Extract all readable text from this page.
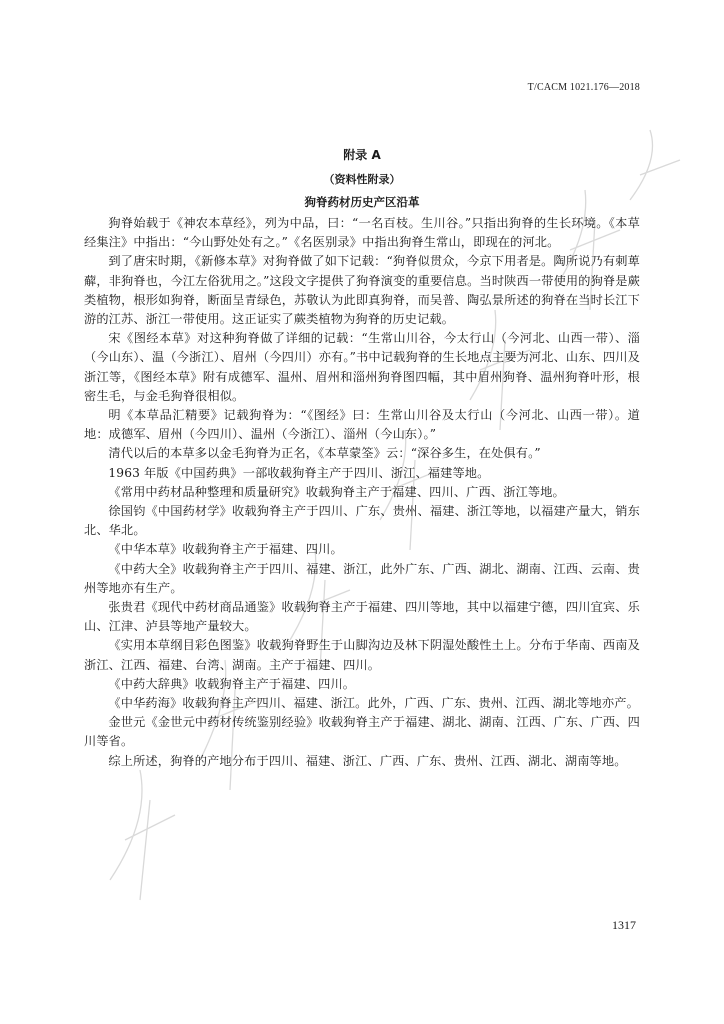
T/CACM 1021.176—2018
附录 A
（资料性附录）
狗脊药材历史产区沿革

狗脊始载于《神农本草经》，列为中品，曰：“一名百枝。生川谷。”只指出狗脊的生长环境。《本草经集注》中指出：“今山野处处有之。”《名医别录》中指出狗脊生常山，即现在的河北。

到了唐宋时期，《新修本草》对狗脊做了如下记载：“狗脊似贯众，今京下用者是。陶所说乃有刺萆薢，非狗脊也，今江左俗犹用之。”这段文字提供了狗脊演变的重要信息。当时陕西一带使用的狗脊是蕨类植物，根形如狗脊，断面呈青绿色，苏敬认为此即真狗脊，而吴普、陶弘景所述的狗脊在当时长江下游的江苏、浙江一带使用。这正证实了蕨类植物为狗脊的历史记载。

宋《图经本草》对这种狗脊做了详细的记载：“生常山川谷，今太行山（今河北、山西一带）、淄（今山东）、温（今浙江）、眉州（今四川）亦有。”书中记载狗脊的生长地点主要为河北、山东、四川及浙江等，《图经本草》附有成德军、温州、眉州和淄州狗脊图四幅，其中眉州狗脊、温州狗脊叶形，根密生毛，与金毛狗脊很相似。

明《本草品汇精要》记载狗脊为：“《图经》曰：生常山川谷及太行山（今河北、山西一带）。道地：成德军、眉州（今四川）、温州（今浙江）、淄州（今山东）。”

清代以后的本草多以金毛狗脊为正名，《本草蒙筌》云：“深谷多生，在处俱有。”

1963 年版《中国药典》一部收载狗脊主产于四川、浙江、福建等地。

《常用中药材品种整理和质量研究》收载狗脊主产于福建、四川、广西、浙江等地。

徐国钧《中国药材学》收载狗脊主产于四川、广东、贵州、福建、浙江等地，以福建产量大，销东北、华北。

《中华本草》收载狗脊主产于福建、四川。

《中药大全》收载狗脊主产于四川、福建、浙江，此外广东、广西、湖北、湖南、江西、云南、贵州等地亦有生产。

张贵君《现代中药材商品通鉴》收载狗脊主产于福建、四川等地，其中以福建宁德，四川宜宾、乐山、江津、泸县等地产量较大。

《实用本草纲目彩色图鉴》收载狗脊野生于山脚沟边及林下阴湿处酸性土上。分布于华南、西南及浙江、江西、福建、台湾、湖南。主产于福建、四川。

《中药大辞典》收载狗脊主产于福建、四川。

《中华药海》收载狗脊主产四川、福建、浙江。此外，广西、广东、贵州、江西、湖北等地亦产。

金世元《金世元中药材传统鉴别经验》收载狗脊主产于福建、湖北、湖南、江西、广东、广西、四川等省。

综上所述，狗脊的产地分布于四川、福建、浙江、广西、广东、贵州、江西、湖北、湖南等地。

1317
